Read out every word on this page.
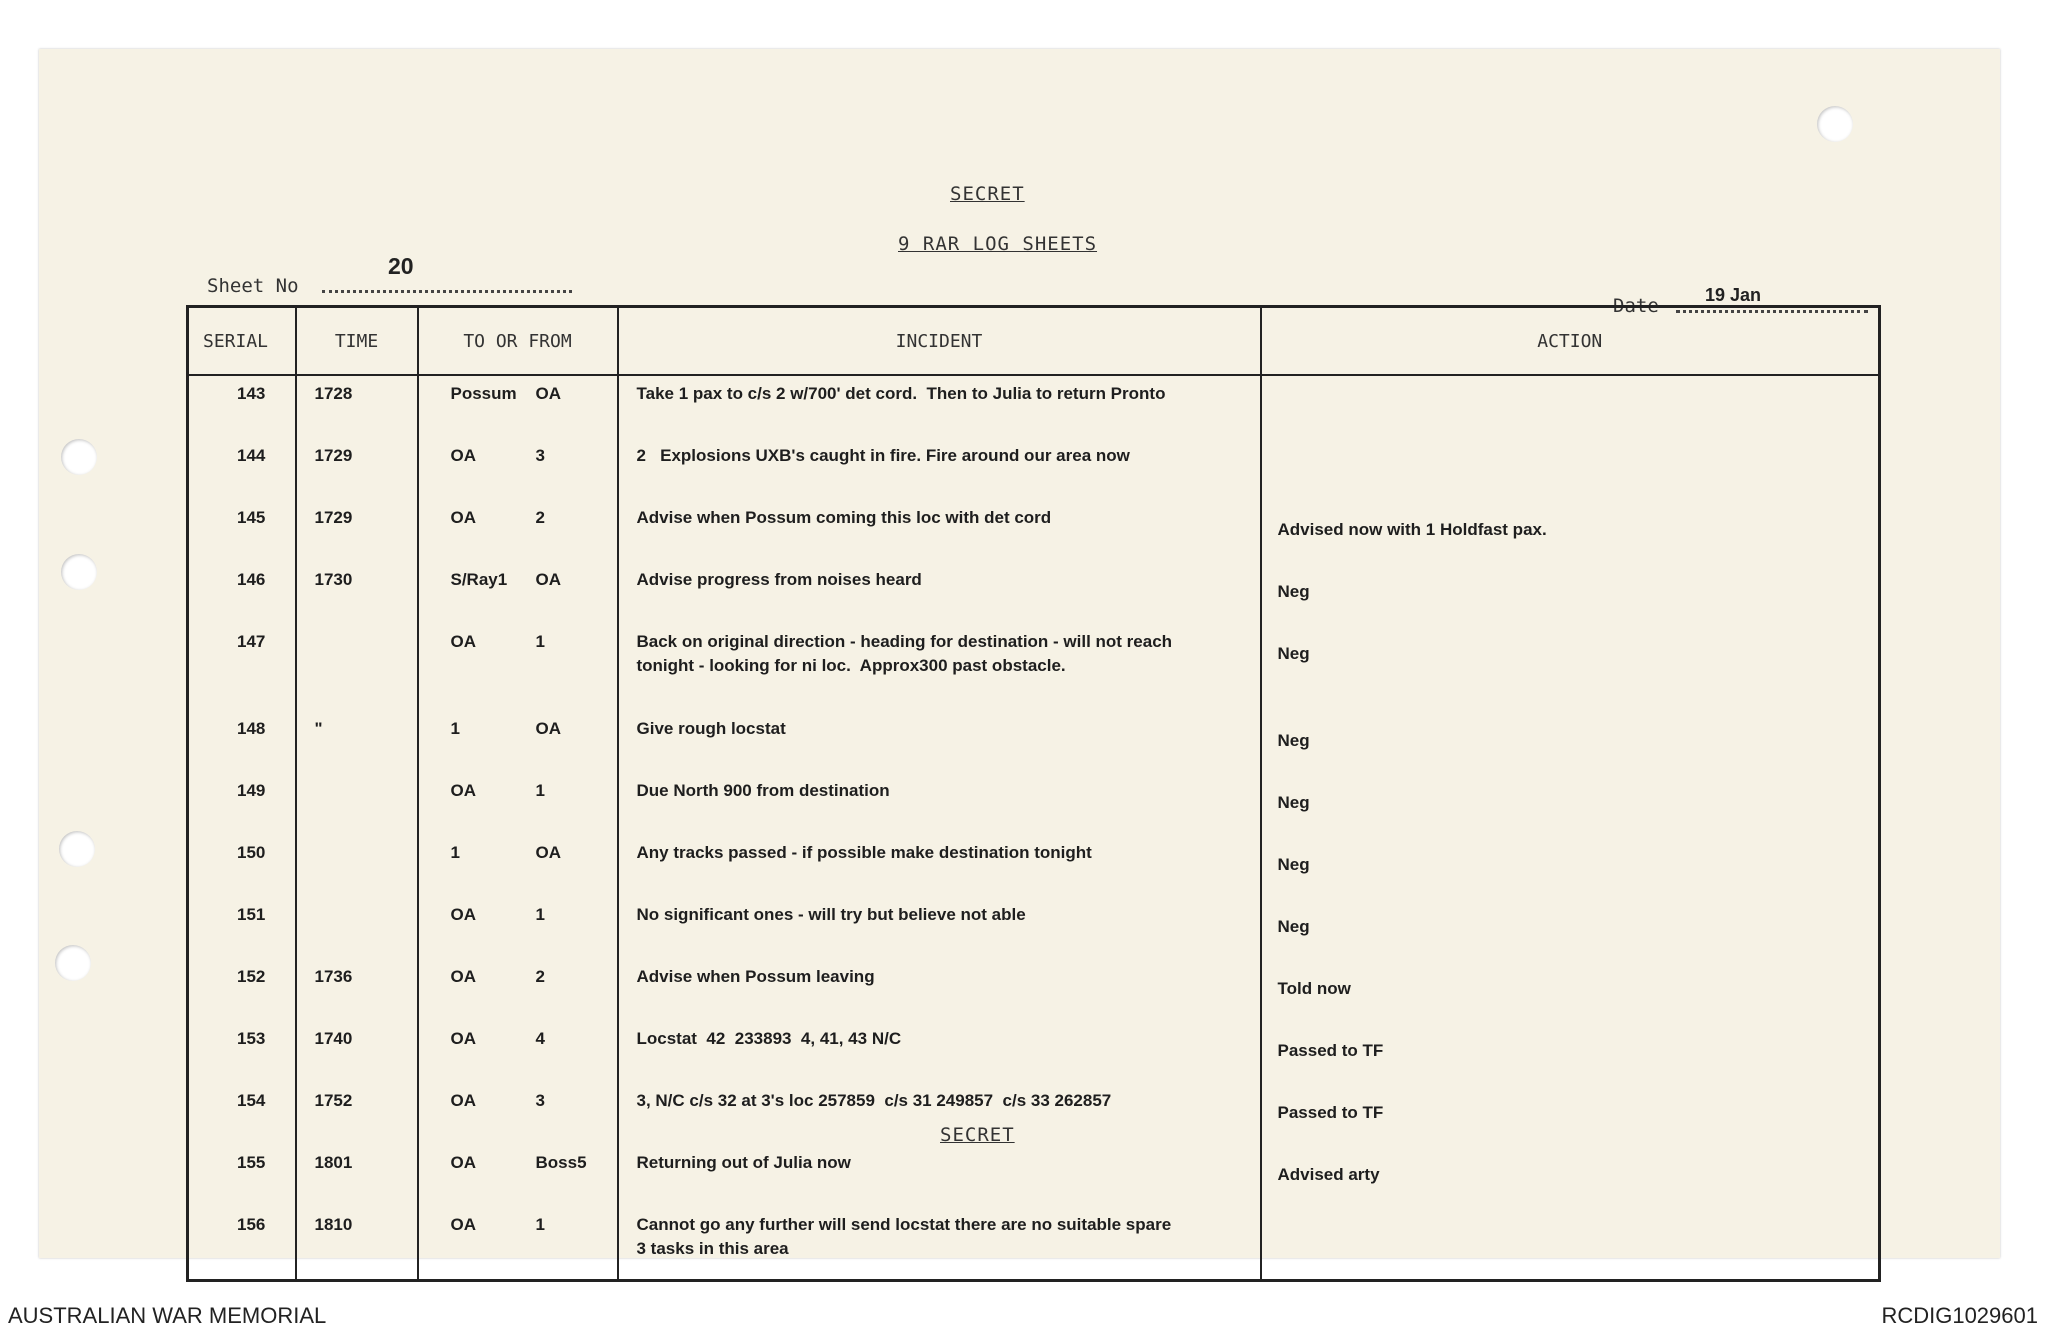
SECRET
9 RAR LOG SHEETS
Sheet No
20
Date	19 Jan
SERIAL	TIME	TO OR FROM	INCIDENT	ACTION
143	1728	Possum OA	Take 1 pax to c/s 2 w/700' det cord.  Then to Julia to return Pronto	

144	1729	OA 3	2   Explosions UXB's caught in fire. Fire around our area now	

145	1729	OA 2	Advise when Possum coming this loc with det cord	Advised now with 1 Holdfast pax.
146	1730	S/Ray1 OA	Advise progress from noises heard	Neg
147		OA 1	Back on original direction - heading for destination - will not reach
tonight - looking for ni loc.  Approx300 past obstacle.	Neg
148	"	1 OA	Give rough locstat	Neg
149		OA 1	Due North 900 from destination	Neg
150		1 OA	Any tracks passed - if possible make destination tonight	Neg
151		OA 1	No significant ones - will try but believe not able	Neg
152	1736	OA 2	Advise when Possum leaving	Told now
153	1740	OA 4	Locstat  42  233893  4, 41, 43 N/C	Passed to TF
154	1752	OA 3	3, N/C c/s 32 at 3's loc 257859  c/s 31 249857  c/s 33 262857	Passed to TF
155	1801	OA Boss5	Returning out of Julia now	Advised arty
156	1810	OA 1	Cannot go any further will send locstat there are no suitable spare
3 tasks in this area	

SECRET
AUSTRALIAN WAR MEMORIAL	RCDIG1029601
